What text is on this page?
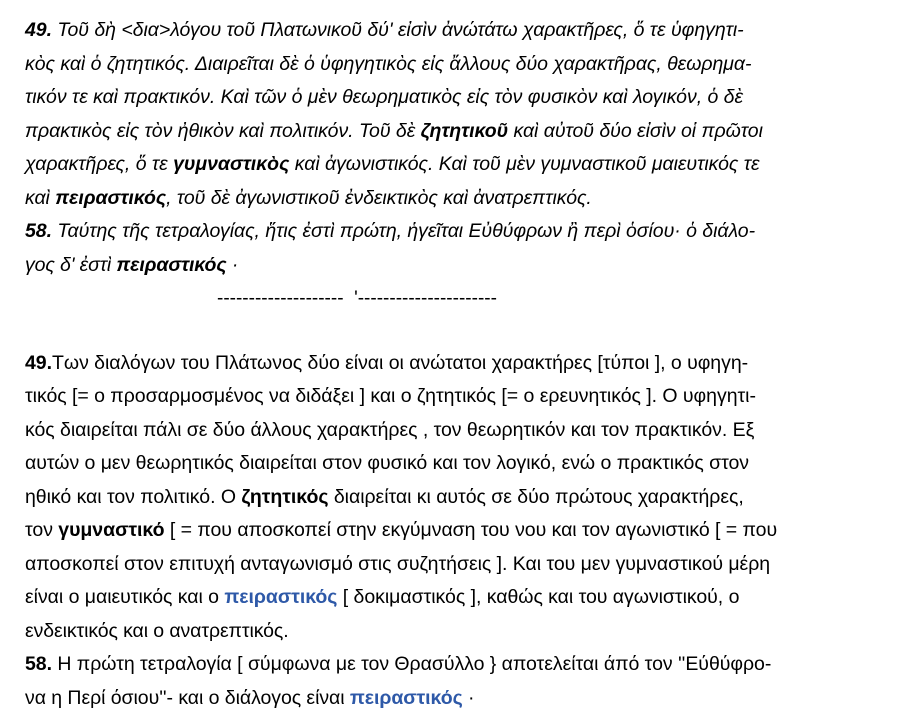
49. Τοῦ δὴ <δια>λόγου τοῦ Πλατωνικοῦ δύ' εἰσὶν ἀνώτάτω χαρακτῆρες, ὅ τε ὑφηγητι-
κὸς καὶ ὁ ζητητικός. Διαιρεῖται δὲ ὁ ὑφηγητικὸς εἰς ἄλλους δύο χαρακτῆρας, θεωρημα-
τικόν τε καὶ πρακτικόν. Καὶ τῶν ὁ μὲν θεωρηματικὸς εἰς τὸν φυσικὸν καὶ λογικόν, ὁ δὲ
πρακτικὸς εἰς τὸν ἠθικὸν καὶ πολιτικόν. Τοῦ δὲ ζητητικοῦ καὶ αὐτοῦ δύο εἰσὶν οἱ πρῶτοι
χαρακτῆρες, ὅ τε γυμναστικὸς καὶ ἀγωνιστικός. Καὶ τοῦ μὲν γυμναστικοῦ μαιευτικός τε
καὶ πειραστικός, τοῦ δὲ ἀγωνιστικοῦ ἐνδεικτικὸς καὶ ἀνατρεπτικός.
58. Ταύτης τῆς τετραλογίας, ἥτις ἐστὶ πρώτη, ἡγεῖται Εὐθύφρων ἢ περὶ ὁσίου· ὁ διάλο-
γος δ' ἐστὶ πειραστικός ·
--------------------  '----------------------
49.Των διαλόγων του Πλάτωνος δύο είναι οι ανώτατοι χαρακτήρες [τύποι ], ο υφηγη-
τικός [= ο προσαρμοσμένος να διδάξει ] και ο ζητητικός [= ο ερευνητικός ]. Ο υφηγητι-
κός διαιρείται πάλι σε δύο άλλους χαρακτήρες , τον θεωρητικόν και τον πρακτικόν. Εξ
αυτών ο μεν θεωρητικός διαιρείται στον φυσικό και τον λογικό, ενώ ο πρακτικός στον
ηθικό και τον πολιτικό. Ο ζητητικός διαιρείται κι αυτός σε δύο πρώτους χαρακτήρες,
τον γυμναστικό [ = που αποσκοπεί στην εκγύμναση του νου και τον αγωνιστικό [ = που
αποσκοπεί στον επιτυχή ανταγωνισμό στις συζητήσεις ]. Και του μεν γυμναστικού μέρη
είναι ο μαιευτικός και ο πειραστικός [ δοκιμαστικός ], καθώς και του αγωνιστικού, ο
ενδεικτικός και ο ανατρεπτικός.
58. Η πρώτη τετραλογία [ σύμφωνα με τον Θρασύλλο } αποτελείται άπό τον ''Εύθύφρο-
να η Περί όσιου''- και ο διάλογος είναι πειραστικός ·
